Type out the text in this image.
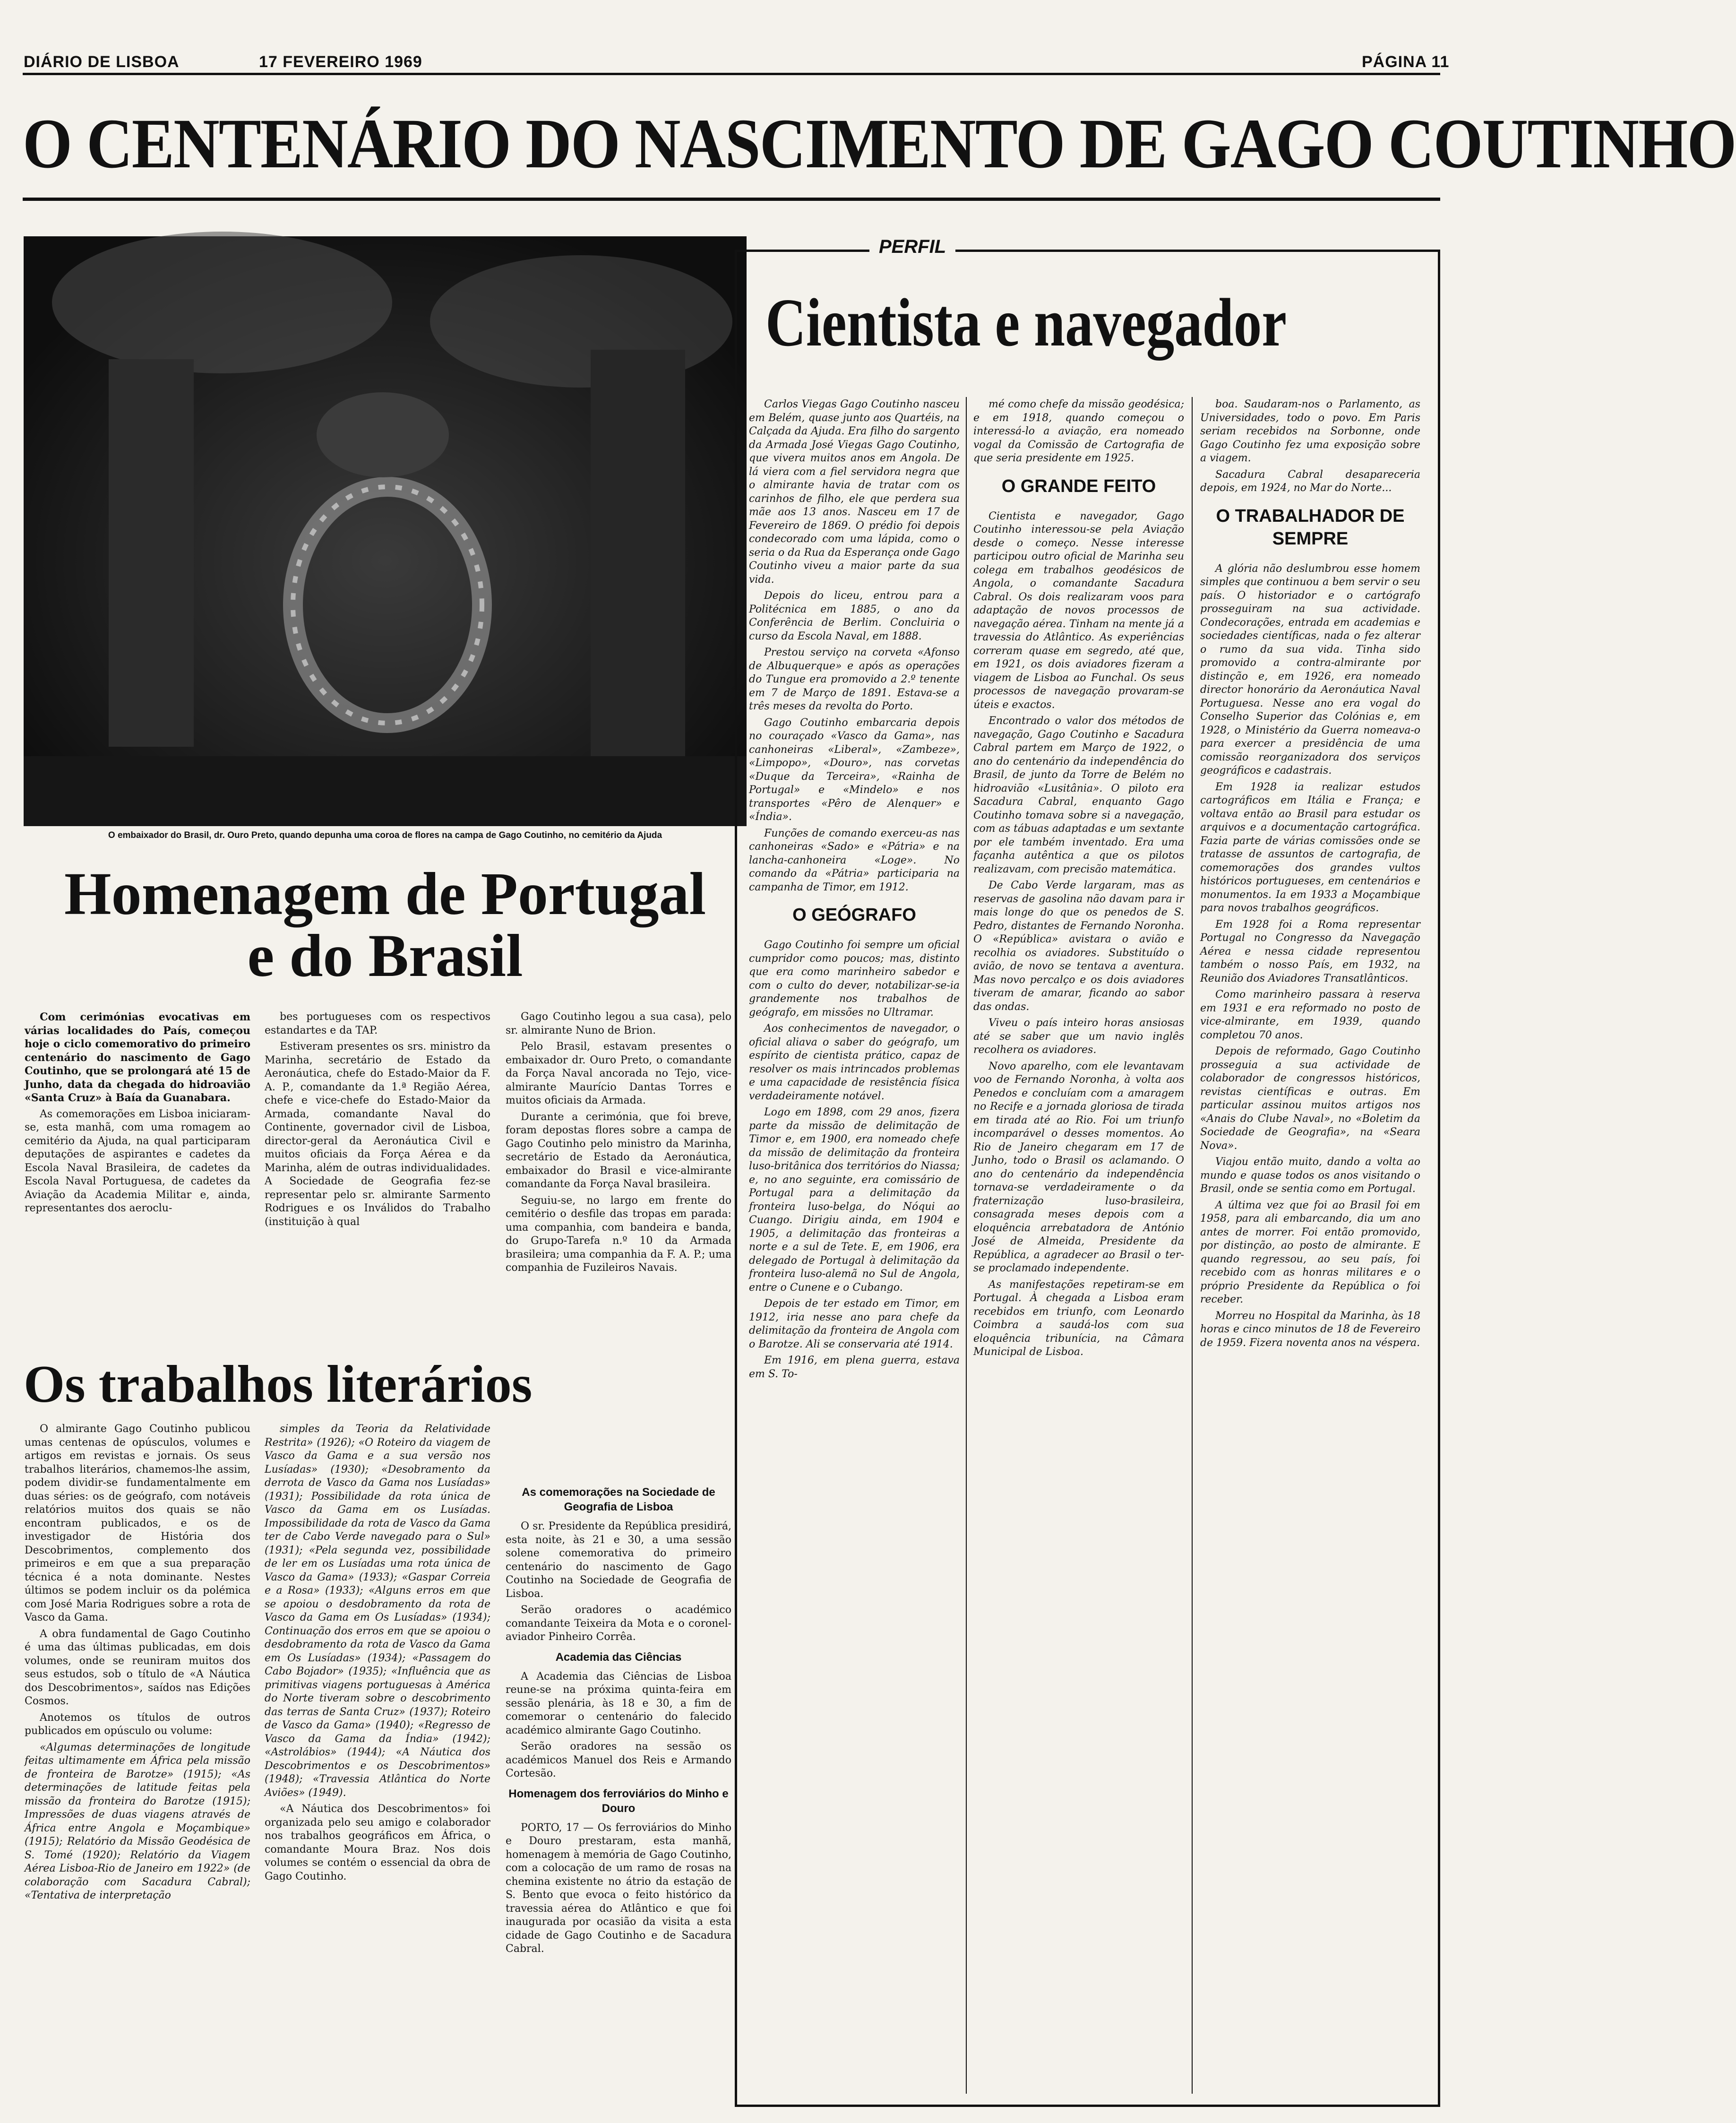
DIÁRIO DE LISBOA	17 FEVEREIRO 1969	PÁGINA 11
O CENTENÁRIO DO NASCIMENTO DE GAGO COUTINHO
O embaixador do Brasil, dr. Ouro Preto, quando depunha uma coroa de flores na campa de Gago Coutinho, no cemitério da Ajuda
Homenagem de Portugal
e do Brasil

Com cerimónias evocativas em várias localidades do País, começou hoje o ciclo comemorativo do primeiro centenário do nascimento de Gago Coutinho, que se prolongará até 15 de Junho, data da chegada do hidroavião «Santa Cruz» à Baía da Guanabara.

As comemorações em Lisboa iniciaram-se, esta manhã, com uma romagem ao cemitério da Ajuda, na qual participaram deputações de aspirantes e cadetes da Escola Naval Brasileira, de cadetes da Escola Naval Portuguesa, de cadetes da Aviação da Academia Militar e, ainda, representantes dos aeroclu-

bes portugueses com os respectivos estandartes e da TAP.

Estiveram presentes os srs. ministro da Marinha, secretário de Estado da Aeronáutica, chefe do Estado-Maior da F. A. P., comandante da 1.ª Região Aérea, chefe e vice-chefe do Estado-Maior da Armada, comandante Naval do Continente, governador civil de Lisboa, director-geral da Aeronáutica Civil e muitos oficiais da Força Aérea e da Marinha, além de outras individualidades. A Sociedade de Geografia fez-se representar pelo sr. almirante Sarmento Rodrigues e os Inválidos do Trabalho (instituição à qual

Gago Coutinho legou a sua casa), pelo sr. almirante Nuno de Brion.

Pelo Brasil, estavam presentes o embaixador dr. Ouro Preto, o comandante da Força Naval ancorada no Tejo, vice-almirante Maurício Dantas Torres e muitos oficiais da Armada.

Durante a cerimónia, que foi breve, foram depostas flores sobre a campa de Gago Coutinho pelo ministro da Marinha, secretário de Estado da Aeronáutica, embaixador do Brasil e vice-almirante comandante da Força Naval brasileira.

Seguiu-se, no largo em frente do cemitério o desfile das tropas em parada: uma companhia, com bandeira e banda, do Grupo-Tarefa n.º 10 da Armada brasileira; uma companhia da F. A. P.; uma companhia de Fuzileiros Navais.

Os trabalhos literários

O almirante Gago Coutinho publicou umas centenas de opúsculos, volumes e artigos em revistas e jornais. Os seus trabalhos literários, chamemos-lhe assim, podem dividir-se fundamentalmente em duas séries: os de geógrafo, com notáveis relatórios muitos dos quais se não encontram publicados, e os de investigador de História dos Descobrimentos, complemento dos primeiros e em que a sua preparação técnica é a nota dominante. Nestes últimos se podem incluir os da polémica com José Maria Rodrigues sobre a rota de Vasco da Gama.

A obra fundamental de Gago Coutinho é uma das últimas publicadas, em dois volumes, onde se reuniram muitos dos seus estudos, sob o título de «A Náutica dos Descobrimentos», saídos nas Edições Cosmos.

Anotemos os títulos de outros publicados em opúsculo ou volume:

«Algumas determinações de longitude feitas ultimamente em África pela missão de fronteira de Barotze» (1915); «As determinações de latitude feitas pela missão da fronteira do Barotze (1915); Impressões de duas viagens através de África entre Angola e Moçambique» (1915); Relatório da Missão Geodésica de S. Tomé (1920); Relatório da Viagem Aérea Lisboa-Rio de Janeiro em 1922» (de colaboração com Sacadura Cabral); «Tentativa de interpretação

simples da Teoria da Relatividade Restrita» (1926); «O Roteiro da viagem de Vasco da Gama e a sua versão nos Lusíadas» (1930); «Desobramento da derrota de Vasco da Gama nos Lusíadas» (1931); Possibilidade da rota única de Vasco da Gama em os Lusíadas. Impossibilidade da rota de Vasco da Gama ter de Cabo Verde navegado para o Sul» (1931); «Pela segunda vez, possibilidade de ler em os Lusíadas uma rota única de Vasco da Gama» (1933); «Gaspar Correia e a Rosa» (1933); «Alguns erros em que se apoiou o desdobramento da rota de Vasco da Gama em Os Lusíadas» (1934); Continuação dos erros em que se apoiou o desdobramento da rota de Vasco da Gama em Os Lusíadas» (1934); «Passagem do Cabo Bojador» (1935); «Influência que as primitivas viagens portuguesas à América do Norte tiveram sobre o descobrimento das terras de Santa Cruz» (1937); Roteiro de Vasco da Gama» (1940); «Regresso de Vasco da Gama da Índia» (1942); «Astrolábios» (1944); «A Náutica dos Descobrimentos e os Descobrimentos» (1948); «Travessia Atlântica do Norte Aviões» (1949).

«A Náutica dos Descobrimentos» foi organizada pelo seu amigo e colaborador nos trabalhos geográficos em África, o comandante Moura Braz. Nos dois volumes se contém o essencial da obra de Gago Coutinho.

As comemorações na Sociedade de Geografia de Lisboa

O sr. Presidente da República presidirá, esta noite, às 21 e 30, a uma sessão solene comemorativa do primeiro centenário do nascimento de Gago Coutinho na Sociedade de Geografia de Lisboa.

Serão oradores o académico comandante Teixeira da Mota e o coronel-aviador Pinheiro Corrêa.

Academia das Ciências

A Academia das Ciências de Lisboa reune-se na próxima quinta-feira em sessão plenária, às 18 e 30, a fim de comemorar o centenário do falecido académico almirante Gago Coutinho.

Serão oradores na sessão os académicos Manuel dos Reis e Armando Cortesão.

Homenagem dos ferroviários do Minho e Douro

PORTO, 17 — Os ferroviários do Minho e Douro prestaram, esta manhã, homenagem à memória de Gago Coutinho, com a colocação de um ramo de rosas na chemina existente no átrio da estação de S. Bento que evoca o feito histórico da travessia aérea do Atlântico e que foi inaugurada por ocasião da visita a esta cidade de Gago Coutinho e de Sacadura Cabral.

PERFIL
Cientista e navegador

Carlos Viegas Gago Coutinho nasceu em Belém, quase junto aos Quartéis, na Calçada da Ajuda. Era filho do sargento da Armada José Viegas Gago Coutinho, que vivera muitos anos em Angola. De lá viera com a fiel servidora negra que o almirante havia de tratar com os carinhos de filho, ele que perdera sua mãe aos 13 anos. Nasceu em 17 de Fevereiro de 1869. O prédio foi depois condecorado com uma lápida, como o seria o da Rua da Esperança onde Gago Coutinho viveu a maior parte da sua vida.

Depois do liceu, entrou para a Politécnica em 1885, o ano da Conferência de Berlim. Concluiria o curso da Escola Naval, em 1888.

Prestou serviço na corveta «Afonso de Albuquerque» e após as operações do Tungue era promovido a 2.º tenente em 7 de Março de 1891. Estava-se a três meses da revolta do Porto.

Gago Coutinho embarcaria depois no couraçado «Vasco da Gama», nas canhoneiras «Liberal», «Zambeze», «Limpopo», «Douro», nas corvetas «Duque da Terceira», «Rainha de Portugal» e «Mindelo» e nos transportes «Pêro de Alenquer» e «Índia».

Funções de comando exerceu-as nas canhoneiras «Sado» e «Pátria» e na lancha-canhoneira «Loge». No comando da «Pátria» participaria na campanha de Timor, em 1912.

O GEÓGRAFO

Gago Coutinho foi sempre um oficial cumpridor como poucos; mas, distinto que era como marinheiro sabedor e com o culto do dever, notabilizar-se-ia grandemente nos trabalhos de geógrafo, em missões no Ultramar.

Aos conhecimentos de navegador, o oficial aliava o saber do geógrafo, um espírito de cientista prático, capaz de resolver os mais intrincados problemas e uma capacidade de resistência física verdadeiramente notável.

Logo em 1898, com 29 anos, fizera parte da missão de delimitação de Timor e, em 1900, era nomeado chefe da missão de delimitação da fronteira luso-britânica dos territórios do Niassa; e, no ano seguinte, era comissário de Portugal para a delimitação da fronteira luso-belga, do Nóqui ao Cuango. Dirigiu ainda, em 1904 e 1905, a delimitação das fronteiras a norte e a sul de Tete. E, em 1906, era delegado de Portugal à delimitação da fronteira luso-alemã no Sul de Angola, entre o Cunene e o Cubango.

Depois de ter estado em Timor, em 1912, iria nesse ano para chefe da delimitação da fronteira de Angola com o Barotze. Ali se conservaria até 1914.

Em 1916, em plena guerra, estava em S. To-

mé como chefe da missão geodésica; e em 1918, quando começou o interessá-lo a aviação, era nomeado vogal da Comissão de Cartografia de que seria presidente em 1925.

O GRANDE FEITO

Cientista e navegador, Gago Coutinho interessou-se pela Aviação desde o começo. Nesse interesse participou outro oficial de Marinha seu colega em trabalhos geodésicos de Angola, o comandante Sacadura Cabral. Os dois realizaram voos para adaptação de novos processos de navegação aérea. Tinham na mente já a travessia do Atlântico. As experiências correram quase em segredo, até que, em 1921, os dois aviadores fizeram a viagem de Lisboa ao Funchal. Os seus processos de navegação provaram-se úteis e exactos.

Encontrado o valor dos métodos de navegação, Gago Coutinho e Sacadura Cabral partem em Março de 1922, o ano do centenário da independência do Brasil, de junto da Torre de Belém no hidroavião «Lusitânia». O piloto era Sacadura Cabral, enquanto Gago Coutinho tomava sobre si a navegação, com as tábuas adaptadas e um sextante por ele também inventado. Era uma façanha autêntica a que os pilotos realizavam, com precisão matemática.

De Cabo Verde largaram, mas as reservas de gasolina não davam para ir mais longe do que os penedos de S. Pedro, distantes de Fernando Noronha. O «República» avistara o avião e recolhia os aviadores. Substituído o avião, de novo se tentava a aventura. Mas novo percalço e os dois aviadores tiveram de amarar, ficando ao sabor das ondas.

Viveu o país inteiro horas ansiosas até se saber que um navio inglês recolhera os aviadores.

Novo aparelho, com ele levantavam voo de Fernando Noronha, à volta aos Penedos e concluíam com a amaragem no Recife e a jornada gloriosa de tirada em tirada até ao Rio. Foi um triunfo incomparável o desses momentos. Ao Rio de Janeiro chegaram em 17 de Junho, todo o Brasil os aclamando. O ano do centenário da independência tornava-se verdadeiramente o da fraternização luso-brasileira, consagrada meses depois com a eloquência arrebatadora de António José de Almeida, Presidente da República, a agradecer ao Brasil o ter-se proclamado independente.

As manifestações repetiram-se em Portugal. À chegada a Lisboa eram recebidos em triunfo, com Leonardo Coimbra a saudá-los com sua eloquência tribunícia, na Câmara Municipal de Lisboa.

boa. Saudaram-nos o Parlamento, as Universidades, todo o povo. Em Paris seriam recebidos na Sorbonne, onde Gago Coutinho fez uma exposição sobre a viagem.

Sacadura Cabral desapareceria depois, em 1924, no Mar do Norte...

O TRABALHADOR DE SEMPRE

A glória não deslumbrou esse homem simples que continuou a bem servir o seu país. O historiador e o cartógrafo prosseguiram na sua actividade. Condecorações, entrada em academias e sociedades científicas, nada o fez alterar o rumo da sua vida. Tinha sido promovido a contra-almirante por distinção e, em 1926, era nomeado director honorário da Aeronáutica Naval Portuguesa. Nesse ano era vogal do Conselho Superior das Colónias e, em 1928, o Ministério da Guerra nomeava-o para exercer a presidência de uma comissão reorganizadora dos serviços geográficos e cadastrais.

Em 1928 ia realizar estudos cartográficos em Itália e França; e voltava então ao Brasil para estudar os arquivos e a documentação cartográfica. Fazia parte de várias comissões onde se tratasse de assuntos de cartografia, de comemorações dos grandes vultos históricos portugueses, em centenários e monumentos. Ia em 1933 a Moçambique para novos trabalhos geográficos.

Em 1928 foi a Roma representar Portugal no Congresso da Navegação Aérea e nessa cidade representou também o nosso País, em 1932, na Reunião dos Aviadores Transatlânticos.

Como marinheiro passara à reserva em 1931 e era reformado no posto de vice-almirante, em 1939, quando completou 70 anos.

Depois de reformado, Gago Coutinho prosseguia a sua actividade de colaborador de congressos históricos, revistas científicas e outras. Em particular assinou muitos artigos nos «Anais do Clube Naval», no «Boletim da Sociedade de Geografia», na «Seara Nova».

Viajou então muito, dando a volta ao mundo e quase todos os anos visitando o Brasil, onde se sentia como em Portugal.

A última vez que foi ao Brasil foi em 1958, para ali embarcando, dia um ano antes de morrer. Foi então promovido, por distinção, ao posto de almirante. E quando regressou, ao seu país, foi recebido com as honras militares e o próprio Presidente da República o foi receber.

Morreu no Hospital da Marinha, às 18 horas e cinco minutos de 18 de Fevereiro de 1959. Fizera noventa anos na véspera.
